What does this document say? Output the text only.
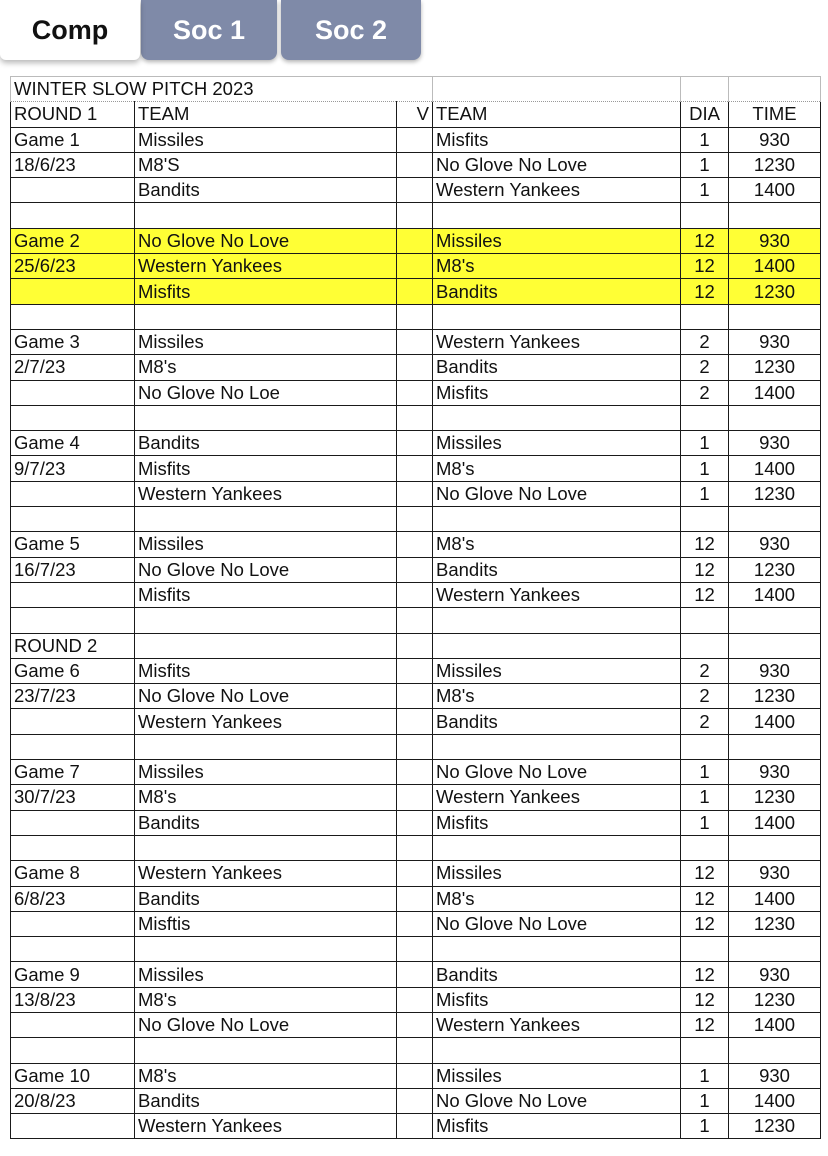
Comp	Soc 1	Soc 2
WINTER SLOW PITCH 2023					
ROUND 1	TEAM	V	TEAM	DIA	TIME
Game 1	Missiles		Misfits	1	930
18/6/23	M8'S		No Glove No Love	1	1230
	Bandits		Western Yankees	1	1400

Game 2	No Glove No Love		Missiles	12	930
25/6/23	Western Yankees		M8's	12	1400
	Misfits		Bandits	12	1230

Game 3	Missiles		Western Yankees	2	930
2/7/23	M8's		Bandits	2	1230
	No Glove No Loe		Misfits	2	1400

Game 4	Bandits		Missiles	1	930
9/7/23	Misfits		M8's	1	1400
	Western Yankees		No Glove No Love	1	1230

Game 5	Missiles		M8's	12	930
16/7/23	No Glove No Love		Bandits	12	1230
	Misfits		Western Yankees	12	1400

ROUND 2					
Game 6	Misfits		Missiles	2	930
23/7/23	No Glove No Love		M8's	2	1230
	Western Yankees		Bandits	2	1400

Game 7	Missiles		No Glove No Love	1	930
30/7/23	M8's		Western Yankees	1	1230
	Bandits		Misfits	1	1400

Game 8	Western Yankees		Missiles	12	930
6/8/23	Bandits		M8's	12	1400
	Misftis		No Glove No Love	12	1230

Game 9	Missiles		Bandits	12	930
13/8/23	M8's		Misfits	12	1230
	No Glove No Love		Western Yankees	12	1400

Game 10	M8's		Missiles	1	930
20/8/23	Bandits		No Glove No Love	1	1400
	Western Yankees		Misfits	1	1230
